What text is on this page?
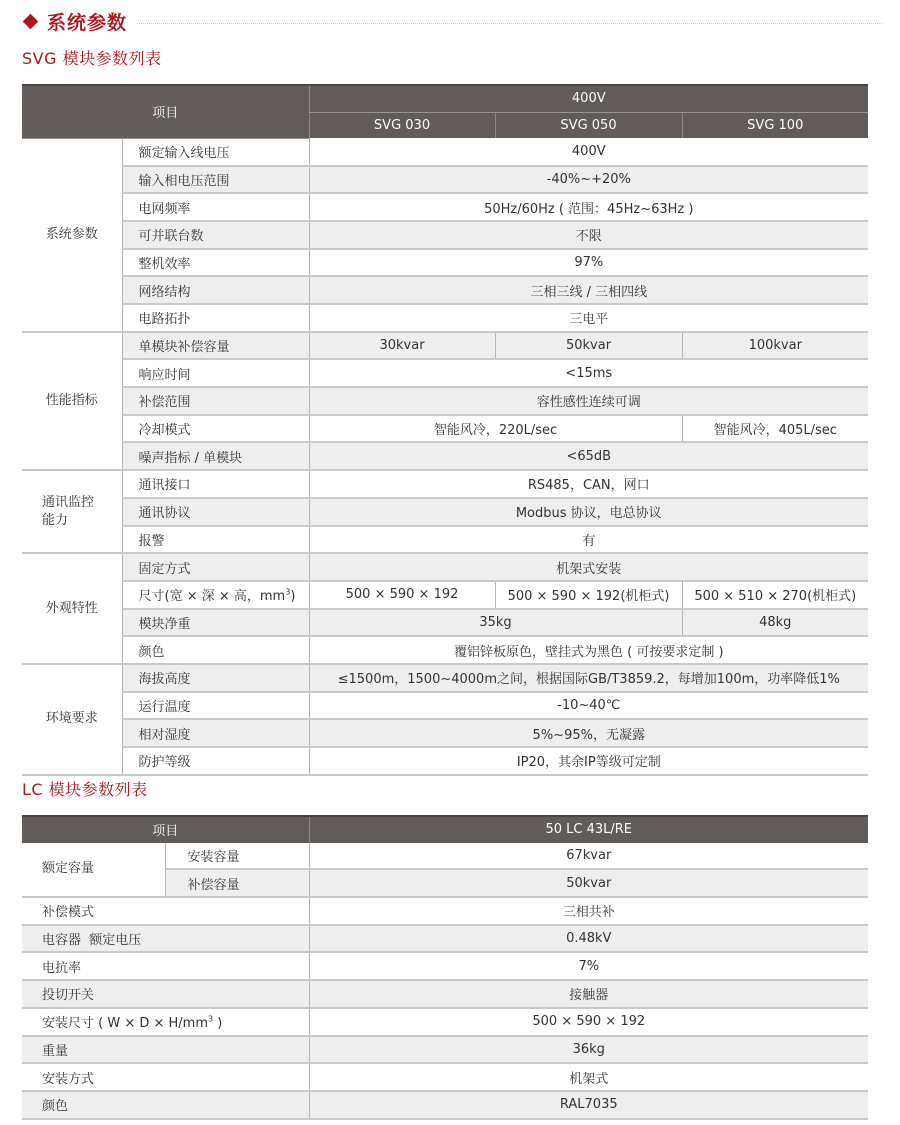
系统参数
SVG 模块参数列表
项目		400V		
		SVG 030	SVG 050	SVG 100
系统参数	额定输入线电压	400V		
	输入相电压范围	-40%~+20%		
	电网频率	50Hz/60Hz ( 范围：45Hz~63Hz )		
	可并联台数	不限		
	整机效率	97%		
	网络结构	三相三线 / 三相四线		
	电路拓扑	三电平		
性能指标	单模块补偿容量	30kvar	50kvar	100kvar
	响应时间	<15ms		
	补偿范围	容性感性连续可调		
	冷却模式	智能风冷，220L/sec		智能风冷，405L/sec
	噪声指标 / 单模块	<65dB		

通讯监控
能力	通讯接口	RS485，CAN，网口		
	通讯协议	Modbus 协议，电总协议		
	报警	有		
外观特性	固定方式	机架式安装		
	尺寸(宽 × 深 × 高，$mm^3$)	500 × 590 × 192	500 × 590 × 192(机柜式)	500 × 510 × 270(机柜式)
	模块净重	35kg		48kg
	颜色	覆铝锌板原色，壁挂式为黑色 ( 可按要求定制 )		
环境要求	海拔高度	≤1500m，1500~4000m之间，根据国际GB/T3859.2，每增加100m，功率降低1%		
	运行温度	-10~40℃		
	相对湿度	5%~95%，无凝露		
	防护等级	IP20，其余IP等级可定制		
LC 模块参数列表
项目		50 LC 43L/RE
额定容量	安装容量	67kvar
	补偿容量	50kvar
补偿模式		三相共补
电容器  额定电压		0.48kV
电抗率		7%
投切开关		接触器
安装尺寸 ( $W \times D \times H/mm^3$ )		500 × 590 × 192
重量		36kg
安装方式		机架式
颜色		RAL7035
